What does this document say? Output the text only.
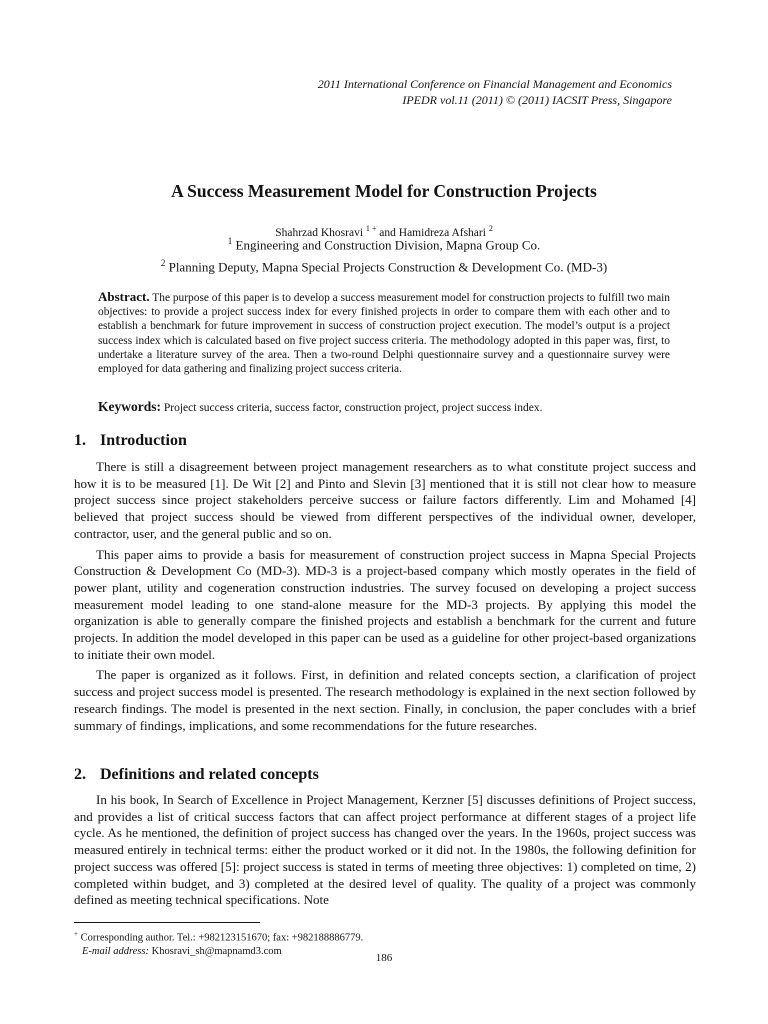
2011 International Conference on Financial Management and Economics
IPEDR vol.11 (2011) © (2011) IACSIT Press, Singapore
A Success Measurement Model for Construction Projects
Shahrzad Khosravi $^{1 +}$ and Hamidreza Afshari $^2$
$^1$ Engineering and Construction Division, Mapna Group Co.
$^2$ Planning Deputy, Mapna Special Projects Construction & Development Co. (MD-3)
Abstract. The purpose of this paper is to develop a success measurement model for construction projects to fulfill two main objectives: to provide a project success index for every finished projects in order to compare them with each other and to establish a benchmark for future improvement in success of construction project execution. The model’s output is a project success index which is calculated based on five project success criteria. The methodology adopted in this paper was, first, to undertake a literature survey of the area. Then a two-round Delphi questionnaire survey and a questionnaire survey were employed for data gathering and finalizing project success criteria.
Keywords: Project success criteria, success factor, construction project, project success index.
1. Introduction

There is still a disagreement between project management researchers as to what constitute project success and how it is to be measured [1]. De Wit [2] and Pinto and Slevin [3] mentioned that it is still not clear how to measure project success since project stakeholders perceive success or failure factors differently. Lim and Mohamed [4] believed that project success should be viewed from different perspectives of the individual owner, developer, contractor, user, and the general public and so on.

This paper aims to provide a basis for measurement of construction project success in Mapna Special Projects Construction & Development Co (MD-3). MD-3 is a project-based company which mostly operates in the field of power plant, utility and cogeneration construction industries. The survey focused on developing a project success measurement model leading to one stand-alone measure for the MD-3 projects. By applying this model the organization is able to generally compare the finished projects and establish a benchmark for the current and future projects. In addition the model developed in this paper can be used as a guideline for other project-based organizations to initiate their own model.

The paper is organized as it follows. First, in definition and related concepts section, a clarification of project success and project success model is presented. The research methodology is explained in the next section followed by research findings. The model is presented in the next section. Finally, in conclusion, the paper concludes with a brief summary of findings, implications, and some recommendations for the future researches.

2. Definitions and related concepts

In his book, In Search of Excellence in Project Management, Kerzner [5] discusses definitions of Project success, and provides a list of critical success factors that can affect project performance at different stages of a project life cycle. As he mentioned, the definition of project success has changed over the years. In the 1960s, project success was measured entirely in technical terms: either the product worked or it did not. In the 1980s, the following definition for project success was offered [5]: project success is stated in terms of meeting three objectives: 1) completed on time, 2) completed within budget, and 3) completed at the desired level of quality. The quality of a project was commonly defined as meeting technical specifications. Note

+ Corresponding author. Tel.: +982123151670; fax: +982188886779.
E-mail address: Khosravi_sh@mapnamd3.com
186
